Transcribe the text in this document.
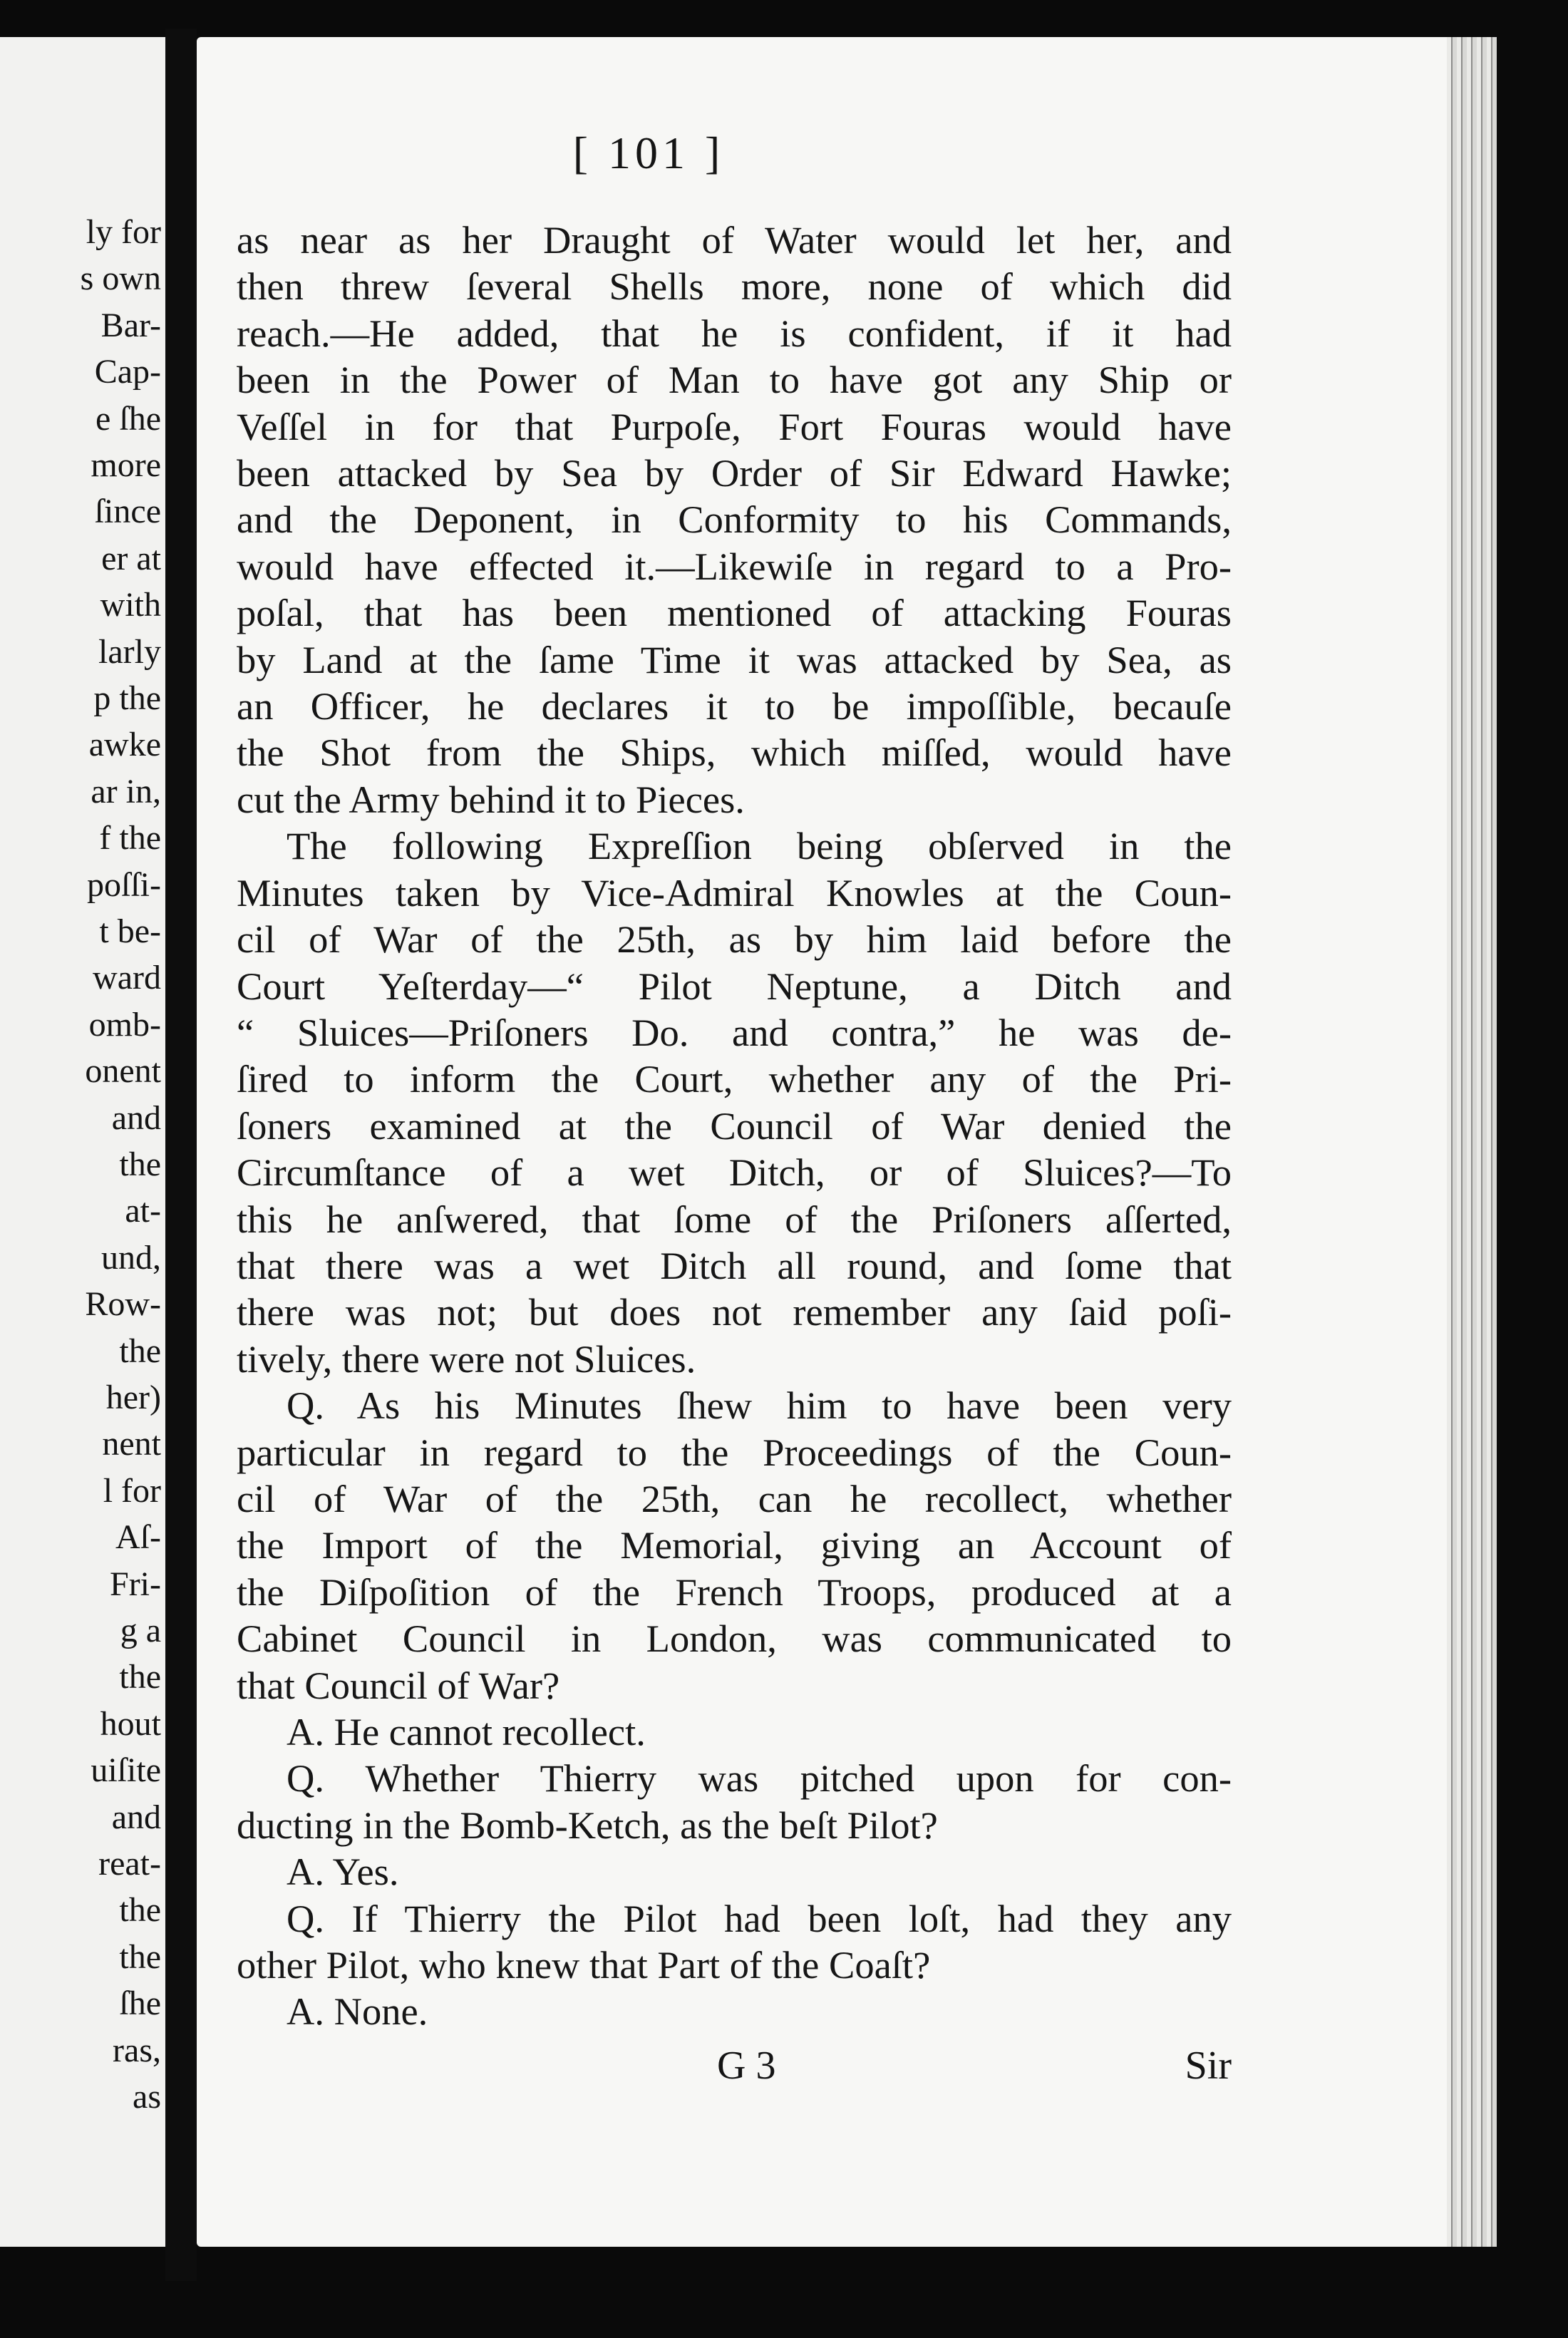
ly for
s own
Bar-
Cap-
e ſhe
more
ſince
er at
with
larly
p the
awke
ar in,
f the
poſſi-
t be-
ward
omb-
onent
and
the
at-
und,
Row-
the
her)
nent
l for
Aſ-
Fri-
g a
the
hout
uiſite
and
reat-
the
the
ſhe
ras,
as
[ 101 ]

as near as her Draught of Water would let her, and
then threw ſeveral Shells more, none of which did
reach.—He added, that he is confident, if it had
been in the Power of Man to have got any Ship or
Veſſel in for that Purpoſe, Fort Fouras would have
been attacked by Sea by Order of Sir Edward Hawke;
and the Deponent, in Conformity to his Commands,
would have effected it.—Likewiſe in regard to a Pro-
poſal, that has been mentioned of attacking Fouras
by Land at the ſame Time it was attacked by Sea, as
an Officer, he declares it to be impoſſible, becauſe
the Shot from the Ships, which miſſed, would have
cut the Army behind it to Pieces.

The following Expreſſion being obſerved in the
Minutes taken by Vice-Admiral Knowles at the Coun-
cil of War of the 25th, as by him laid before the
Court Yeſterday—“ Pilot Neptune, a Ditch and
“ Sluices—Priſoners Do. and contra,” he was de-
ſired to inform the Court, whether any of the Pri-
ſoners examined at the Council of War denied the
Circumſtance of a wet Ditch, or of Sluices?—To
this he anſwered, that ſome of the Priſoners aſſerted,
that there was a wet Ditch all round, and ſome that
there was not; but does not remember any ſaid poſi-
tively, there were not Sluices.

Q. As his Minutes ſhew him to have been very
particular in regard to the Proceedings of the Coun-
cil of War of the 25th, can he recollect, whether
the Import of the Memorial, giving an Account of
the Diſpoſition of the French Troops, produced at a
Cabinet Council in London, was communicated to
that Council of War?

A. He cannot recollect.

Q. Whether Thierry was pitched upon for con-
ducting in the Bomb-Ketch, as the beſt Pilot?

A. Yes.

Q. If Thierry the Pilot had been loſt, had they any
other Pilot, who knew that Part of the Coaſt?

A. None.

G 3	Sir
